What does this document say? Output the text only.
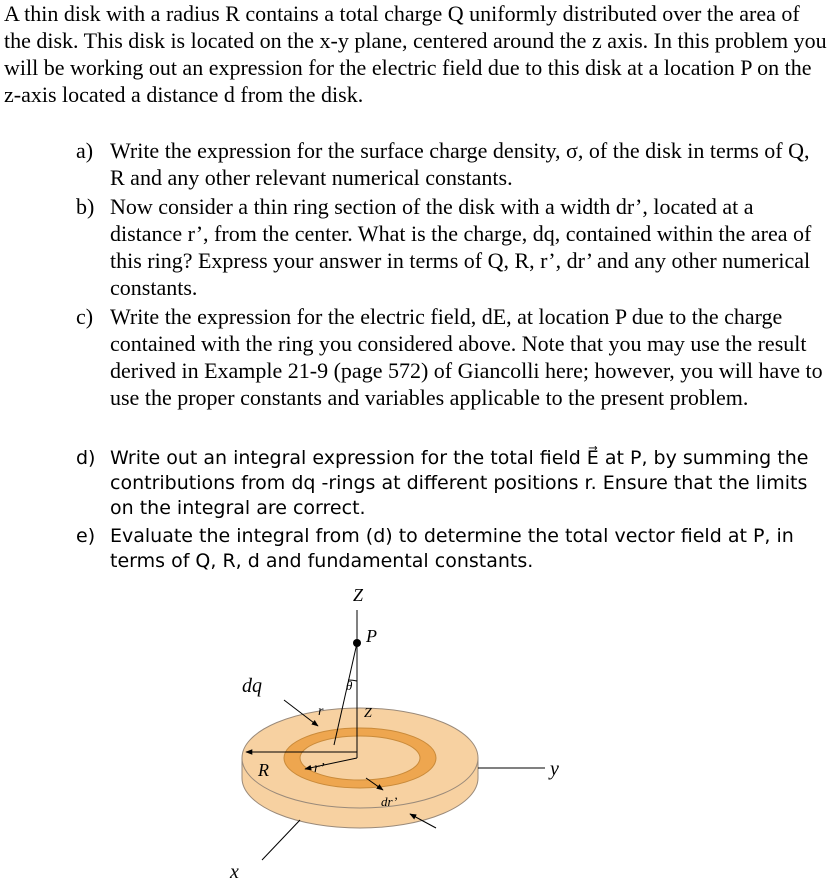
A thin disk with a radius R contains a total charge Q uniformly distributed over the area of the disk. This disk is located on the x-y plane, centered around the z axis. In this problem you will be working out an expression for the electric field due to this disk at a location P on the z-axis located a distance d from the disk.
a) Write the expression for the surface charge density, σ, of the disk in terms of Q, R and any other relevant numerical constants.
b) Now consider a thin ring section of the disk with a width dr’, located at a distance r’, from the center. What is the charge, dq, contained within the area of this ring? Express your answer in terms of Q, R, r’, dr’ and any other numerical constants.
c) Write the expression for the electric field, dE, at location P due to the charge contained with the ring you considered above. Note that you may use the result derived in Example 21-9 (page 572) of Giancolli here; however, you will have to use the proper constants and variables applicable to the present problem.
d) Write out an integral expression for the total field E⃗ at P, by summing the contributions from dq -rings at different positions r. Ensure that the limits on the integral are correct.
e) Evaluate the integral from (d) to determine the total vector field at P, in terms of Q, R, d and fundamental constants.
Z
P
θ
dq
r	Z
R	r’
dr’
y
x
